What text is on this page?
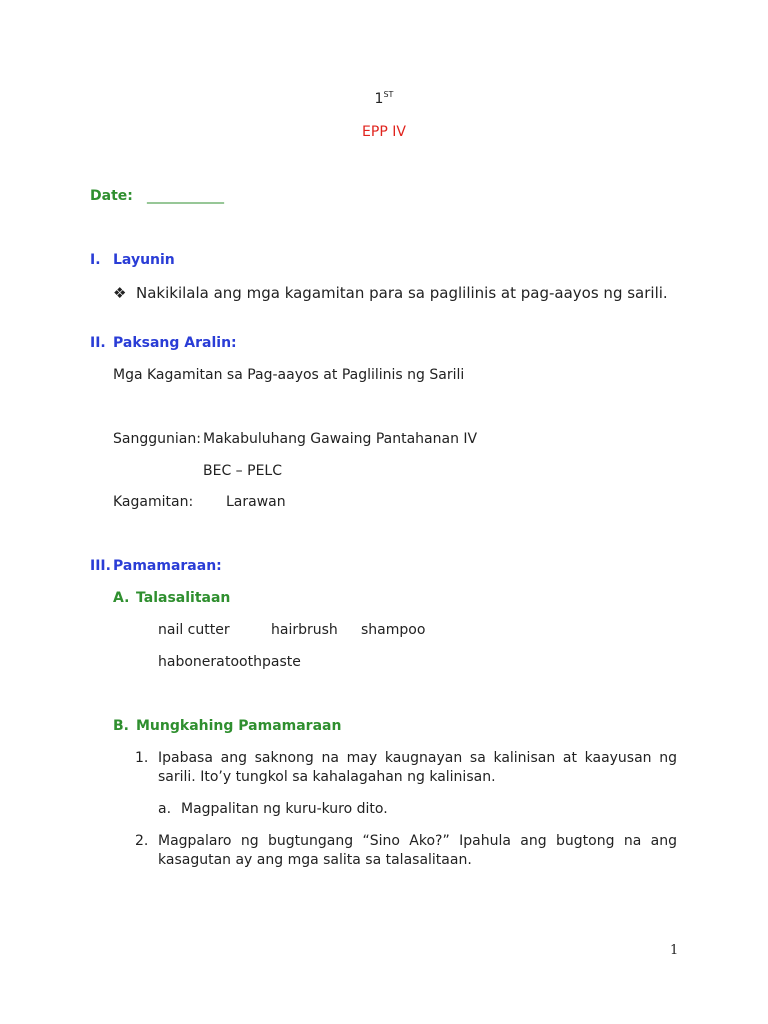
1ST
EPP IV
Date: ___________
I. Layunin
❖ Nakikilala ang mga kagamitan para sa paglilinis at pag-aayos ng sarili.
II. Paksang Aralin:
Mga Kagamitan sa Pag-aayos at Paglilinis ng Sarili
Sanggunian: Makabuluhang Gawaing Pantahanan IV
BEC – PELC
Kagamitan: Larawan
III. Pamamaraan:
A. Talasalitaan
nail cutter	hairbrush shampoo
habonera toothpaste
B. Mungkahing Pamamaraan
1. Ipabasa ang saknong na may kaugnayan sa kalinisan at kaayusan ng
sarili. Ito’y tungkol sa kahalagahan ng kalinisan.
a. Magpalitan ng kuru-kuro dito.
2. Magpalaro ng bugtungang “Sino Ako?” Ipahula ang bugtong na ang
kasagutan ay ang mga salita sa talasalitaan.
1
